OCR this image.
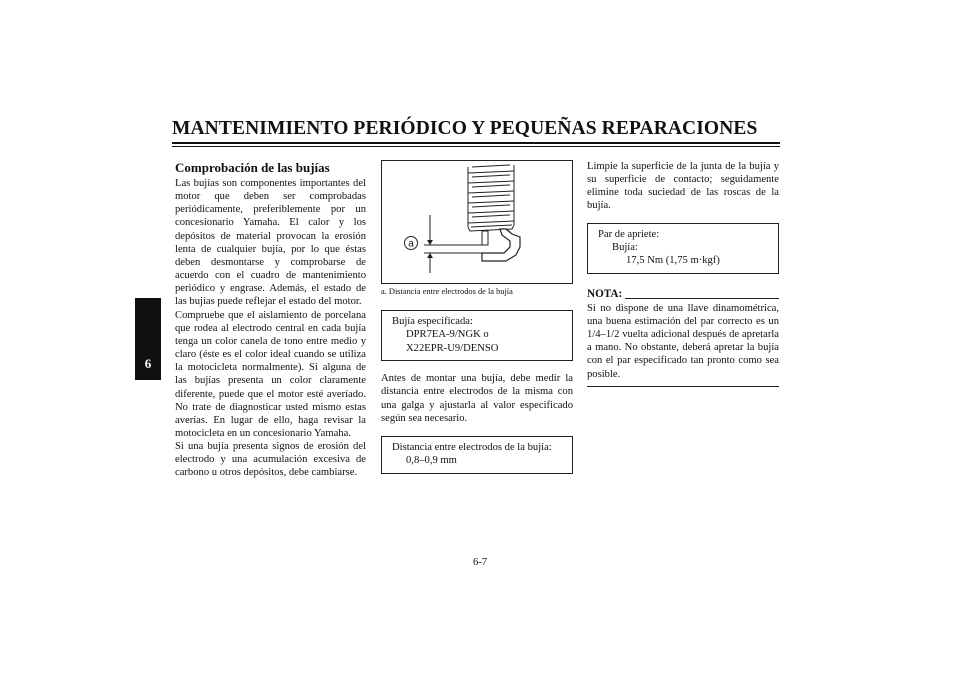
MANTENIMIENTO PERIÓDICO Y PEQUEÑAS REPARACIONES
6
Comprobación de las bujías

Las bujías son componentes importantes del motor que deben ser comprobadas periódicamente, preferiblemente por un concesionario Yamaha. El calor y los depósitos de material provocan la erosión lenta de cualquier bujía, por lo que éstas deben desmontarse y comprobarse de acuerdo con el cuadro de mantenimiento periódico y engrase. Además, el estado de las bujías puede reflejar el estado del motor.

Compruebe que el aislamiento de porcelana que rodea al electrodo central en cada bujía tenga un color canela de tono entre medio y claro (éste es el color ideal cuando se utiliza la motocicleta normalmente). Si alguna de las bujías presenta un color claramente diferente, puede que el motor esté averíado. No trate de diagnosticar usted mismo estas averías. En lugar de ello, haga revisar la motocicleta en un concesionario Yamaha.

Si una bujía presenta signos de erosión del electrodo y una acumulación excesiva de carbono u otros depósitos, debe cambiarse.

a
a. Distancia entre electrodos de la bujía
Bujía especificada:
DPR7EA-9/NGK o
X22EPR-U9/DENSO

Antes de montar una bujía, debe medir la distancia entre electrodos de la misma con una galga y ajustarla al valor especificado según sea necesario.

Distancia entre electrodos de la bujía:
0,8–0,9 mm

Limpie la superficie de la junta de la bujía y su superficie de contacto; seguidamente elimine toda suciedad de las roscas de la bujía.

Par de apriete:
Bujía:
17,5 Nm (1,75 m·kgf)
NOTA:

Si no dispone de una llave dinamométrica, una buena estimación del par correcto es un 1/4–1/2 vuelta adicional después de apretarla a mano. No obstante, deberá apretar la bujía con el par especificado tan pronto como sea posible.

6-7
